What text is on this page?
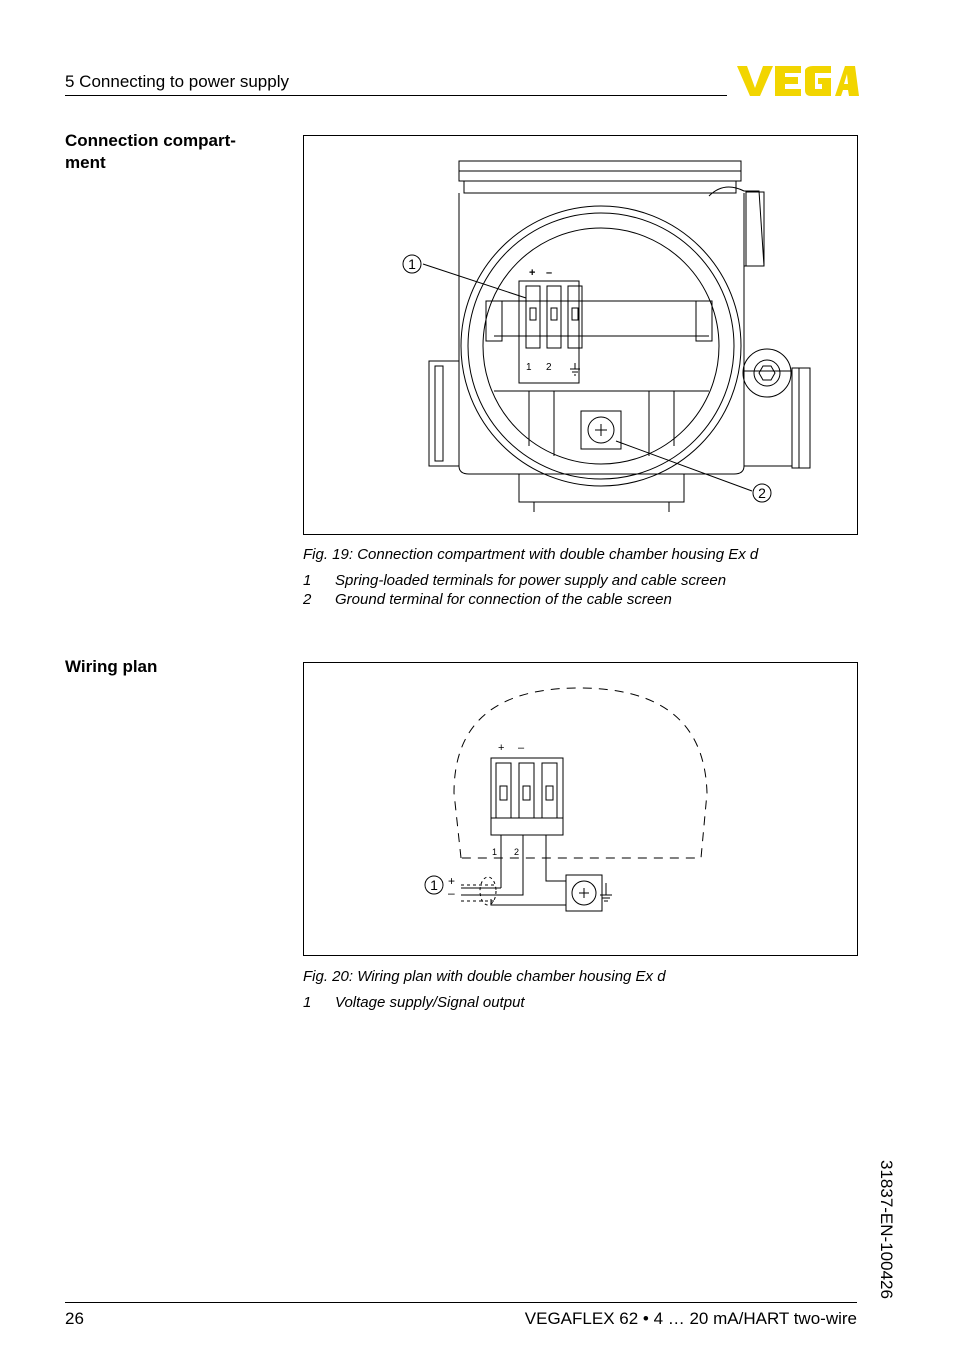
5 Connecting to power supply
Connection compart-
ment
1
2
+ –
1 2
Fig. 19: Connection compartment with double chamber housing Ex d
1 Spring-loaded terminals for power supply and cable screen
2 Ground terminal for connection of the cable screen
Wiring plan
1
+ –
1 2
+
–
Fig. 20: Wiring plan with double chamber housing Ex d
1 Voltage supply/Signal output
31837-EN-100426
26	VEGAFLEX 62 • 4 … 20 mA/HART two-wire
